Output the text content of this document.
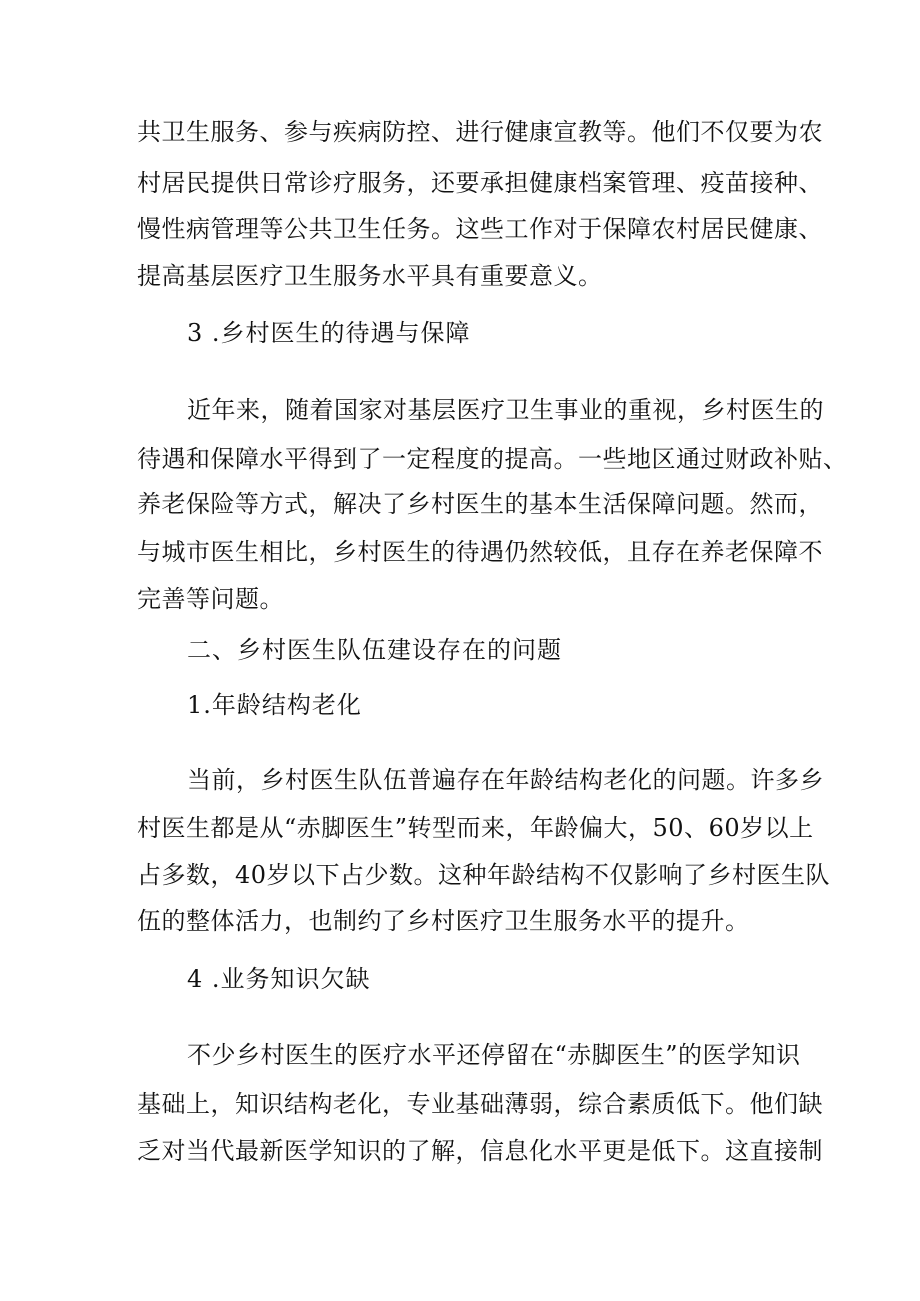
共卫生服务、参与疾病防控、进行健康宣教等。他们不仅要为农
村居民提供日常诊疗服务，还要承担健康档案管理、疫苗接种、
慢性病管理等公共卫生任务。这些工作对于保障农村居民健康、
提高基层医疗卫生服务水平具有重要意义。
3 .乡村医生的待遇与保障
近年来，随着国家对基层医疗卫生事业的重视，乡村医生的
待遇和保障水平得到了一定程度的提高。一些地区通过财政补贴、
养老保险等方式，解决了乡村医生的基本生活保障问题。然而，
与城市医生相比，乡村医生的待遇仍然较低，且存在养老保障不
完善等问题。
二、乡村医生队伍建设存在的问题
1.年龄结构老化
当前，乡村医生队伍普遍存在年龄结构老化的问题。许多乡
村医生都是从“赤脚医生”转型而来，年龄偏大，50、60岁以上
占多数，40岁以下占少数。这种年龄结构不仅影响了乡村医生队
伍的整体活力，也制约了乡村医疗卫生服务水平的提升。
4 .业务知识欠缺
不少乡村医生的医疗水平还停留在“赤脚医生”的医学知识
基础上，知识结构老化，专业基础薄弱，综合素质低下。他们缺
乏对当代最新医学知识的了解，信息化水平更是低下。这直接制
